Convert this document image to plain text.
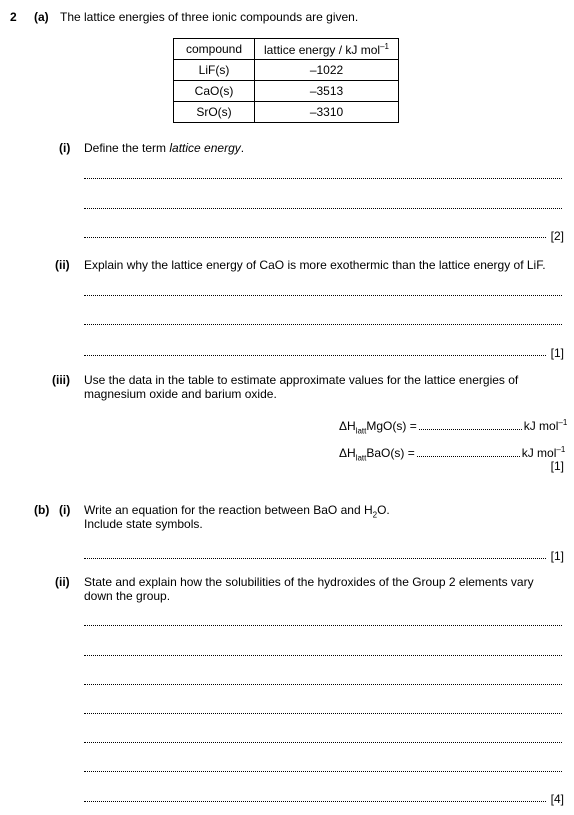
2 (a) The lattice energies of three ionic compounds are given.
compound	lattice energy / kJ mol$^{-1}$
LiF(s)	–1022
CaO(s)	–3513
SrO(s)	–3310
(i) Define the term lattice energy.
[2]
(ii) Explain why the lattice energy of CaO is more exothermic than the lattice energy of LiF.
[1]
(iii) Use the data in the table to estimate approximate values for the lattice energies of
magnesium oxide and barium oxide.
$\Delta H_{latt}MgO(s)$ =	kJ mol$^{-1}$
$\Delta H_{latt}BaO(s)$ =	kJ mol$^{-1}$
[1]
(b) (i) Write an equation for the reaction between BaO and $H_2O$.
Include state symbols.
[1]
(ii) State and explain how the solubilities of the hydroxides of the Group 2 elements vary
down the group.
[4]
